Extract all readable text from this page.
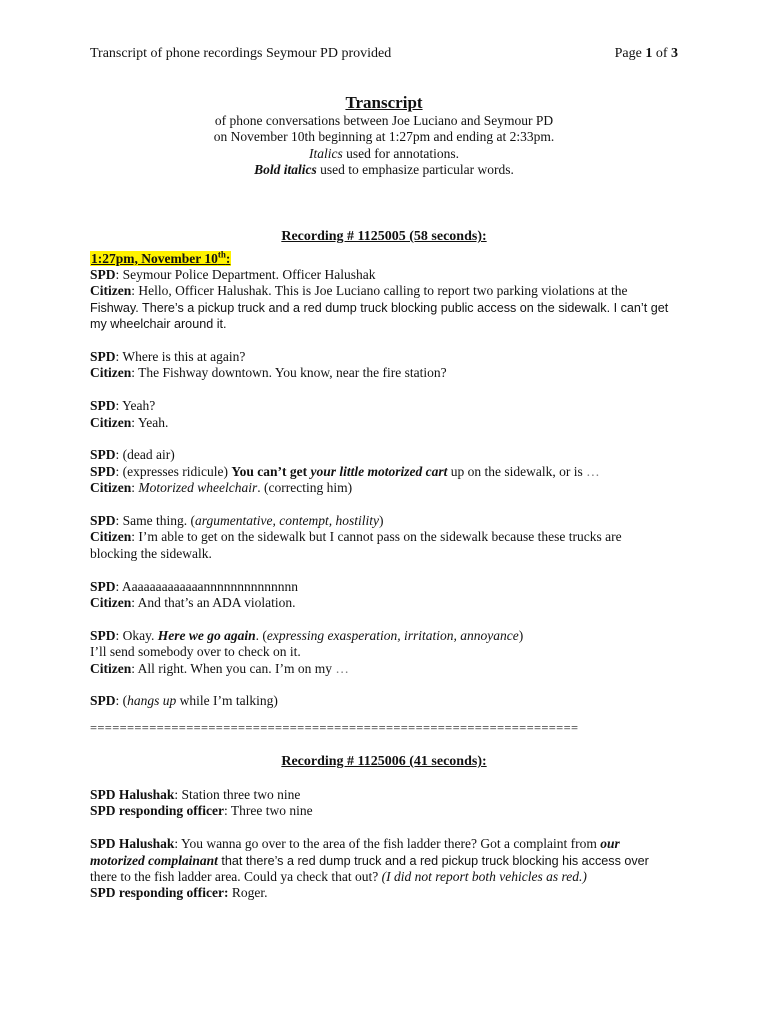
Transcript of phone recordings Seymour PD provided	Page 1 of 3
Transcript
of phone conversations between Joe Luciano and Seymour PD
on November 10th beginning at 1:27pm and ending at 2:33pm.
Italics used for annotations.
Bold italics used to emphasize particular words.
Recording # 1125005 (58 seconds):
1:27pm, November 10th:
SPD: Seymour Police Department. Officer Halushak
Citizen: Hello, Officer Halushak. This is Joe Luciano calling to report two parking violations at the
Fishway. There’s a pickup truck and a red dump truck blocking public access on the sidewalk. I can’t get
my wheelchair around it.
SPD: Where is this at again?
Citizen: The Fishway downtown. You know, near the fire station?
SPD: Yeah?
Citizen: Yeah.
SPD: (dead air)
SPD: (expresses ridicule) You can’t get your little motorized cart up on the sidewalk, or is …
Citizen: Motorized wheelchair. (correcting him)
SPD: Same thing. (argumentative, contempt, hostility)
Citizen: I’m able to get on the sidewalk but I cannot pass on the sidewalk because these trucks are
blocking the sidewalk.
SPD: Aaaaaaaaaaaaannnnnnnnnnnnnn
Citizen: And that’s an ADA violation.
SPD: Okay. Here we go again. (expressing exasperation, irritation, annoyance)
I’ll send somebody over to check on it.
Citizen: All right. When you can. I’m on my …
SPD: (hangs up while I’m talking)
==================================================================
Recording # 1125006 (41 seconds):
SPD Halushak: Station three two nine
SPD responding officer: Three two nine
SPD Halushak: You wanna go over to the area of the fish ladder there? Got a complaint from our
motorized complainant that there’s a red dump truck and a red pickup truck blocking his access over
there to the fish ladder area. Could ya check that out? (I did not report both vehicles as red.)
SPD responding officer: Roger.
